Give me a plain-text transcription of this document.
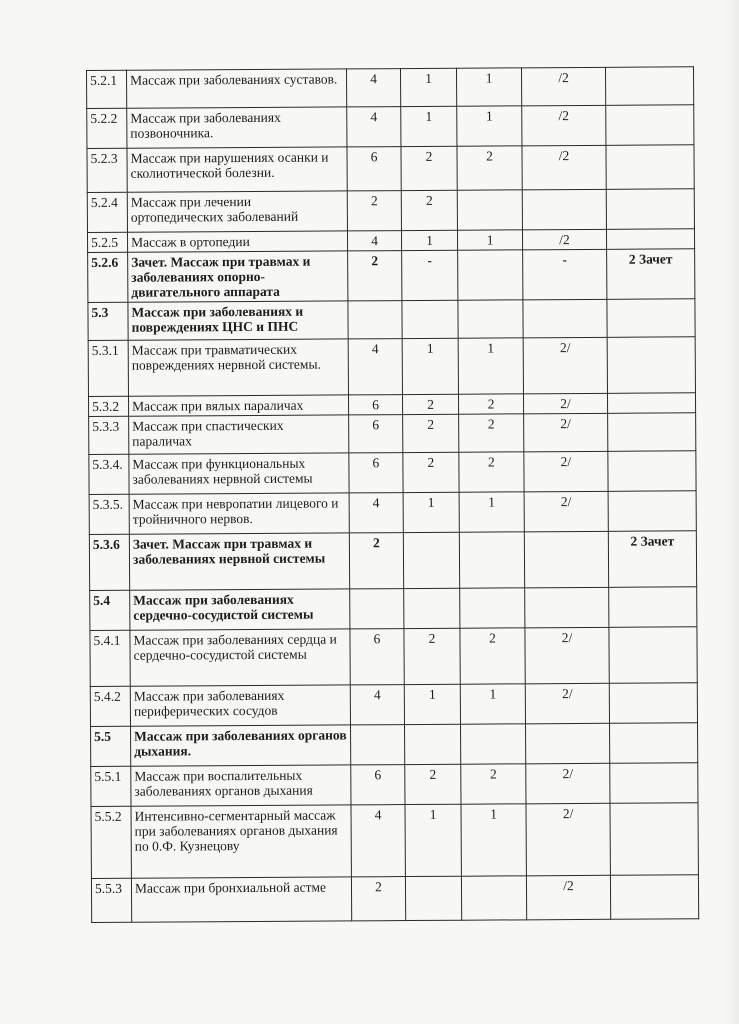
5.2.1	Массаж при заболеваниях суставов.	4	1	1	/2	
5.2.2	Массаж при заболеваниях позвоночника.	4	1	1	/2	
5.2.3	Массаж при нарушениях осанки и сколиотической болезни.	6	2	2	/2	
5.2.4	Массаж при лечении ортопедических заболеваний	2	2			
5.2.5	Массаж в ортопедии	4	1	1	/2	
5.2.6	Зачет. Массаж при травмах и заболеваниях опорно-двигательного аппарата	2	-		-	2 Зачет
5.3	Массаж при заболеваниях и повреждениях ЦНС и ПНС					
5.3.1	Массаж при травматических повреждениях нервной системы.	4	1	1	2/	
5.3.2	Массаж при вялых параличах	6	2	2	2/	
5.3.3	Массаж при спастических параличах	6	2	2	2/	
5.3.4.	Массаж при функциональных заболеваниях нервной системы	6	2	2	2/	
5.3.5.	Массаж при невропатии лицевого и тройничного нервов.	4	1	1	2/	
5.3.6	Зачет. Массаж при травмах и заболеваниях нервной системы	2				2 Зачет
5.4	Массаж при заболеваниях сердечно-сосудистой системы					
5.4.1	Массаж при заболеваниях сердца и сердечно-сосудистой системы	6	2	2	2/	
5.4.2	Массаж при заболеваниях периферических сосудов	4	1	1	2/	
5.5	Массаж при заболеваниях органов дыхания.					
5.5.1	Массаж при воспалительных заболеваниях органов дыхания	6	2	2	2/	
5.5.2	Интенсивно-сегментарный массаж при заболеваниях органов дыхания по 0.Ф. Кузнецову	4	1	1	2/	
5.5.3	Массаж при бронхиальной астме	2			/2	
